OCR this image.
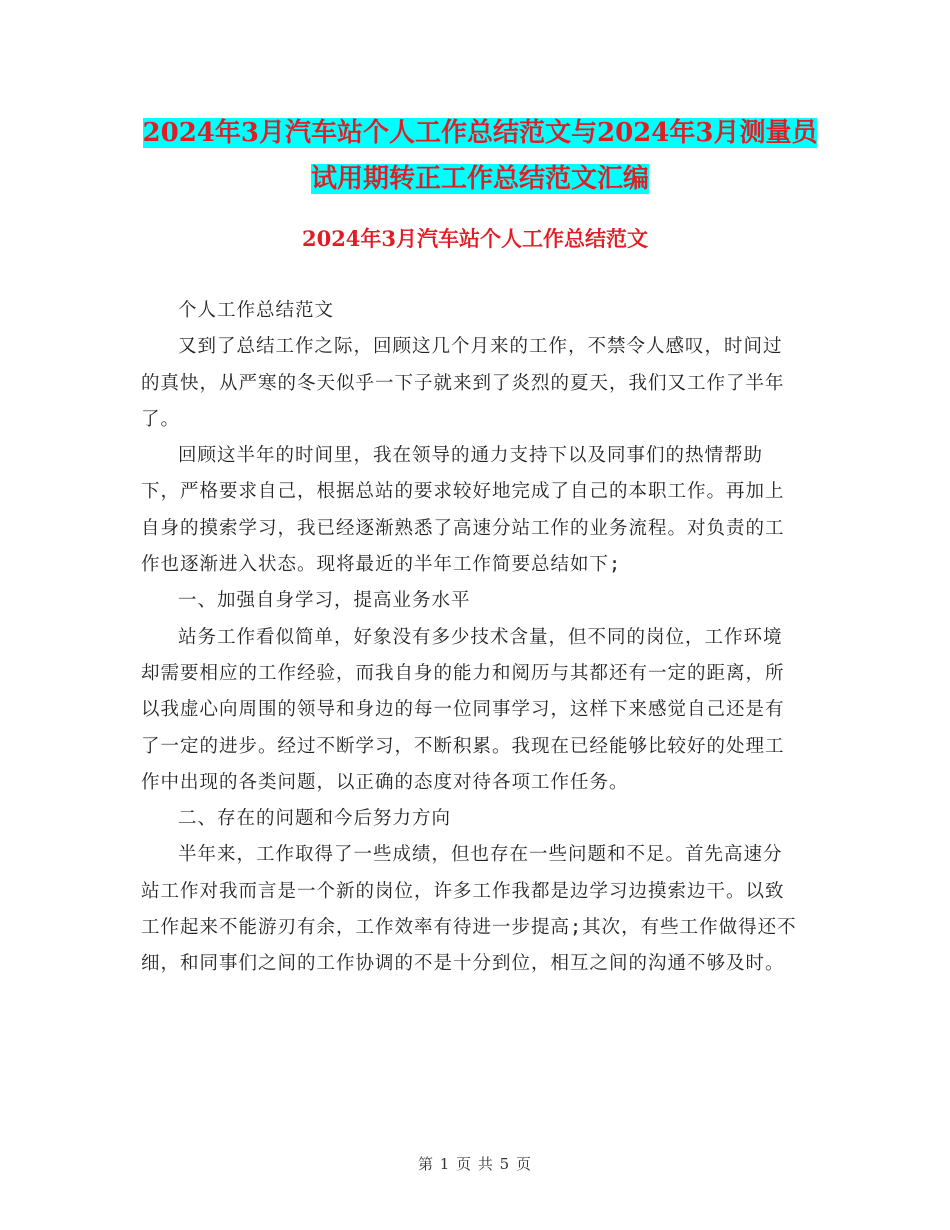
2024年3月汽车站个人工作总结范文与2024年3月测量员试用期转正工作总结范文汇编
2024年3月汽车站个人工作总结范文

个人工作总结范文

又到了总结工作之际，回顾这几个月来的工作，不禁令人感叹，时间过的真快，从严寒的冬天似乎一下子就来到了炎烈的夏天，我们又工作了半年了。

回顾这半年的时间里，我在领导的通力支持下以及同事们的热情帮助下，严格要求自己，根据总站的要求较好地完成了自己的本职工作。再加上自身的摸索学习，我已经逐渐熟悉了高速分站工作的业务流程。对负责的工作也逐渐进入状态。现将最近的半年工作简要总结如下;

一、加强自身学习，提高业务水平

站务工作看似简单，好象没有多少技术含量，但不同的岗位，工作环境却需要相应的工作经验，而我自身的能力和阅历与其都还有一定的距离，所以我虚心向周围的领导和身边的每一位同事学习，这样下来感觉自己还是有了一定的进步。经过不断学习，不断积累。我现在已经能够比较好的处理工作中出现的各类问题，以正确的态度对待各项工作任务。

二、存在的问题和今后努力方向

半年来，工作取得了一些成绩，但也存在一些问题和不足。首先高速分站工作对我而言是一个新的岗位，许多工作我都是边学习边摸索边干。以致工作起来不能游刃有余，工作效率有待进一步提高;其次，有些工作做得还不细，和同事们之间的工作协调的不是十分到位，相互之间的沟通不够及时。

第 1 页 共 5 页
